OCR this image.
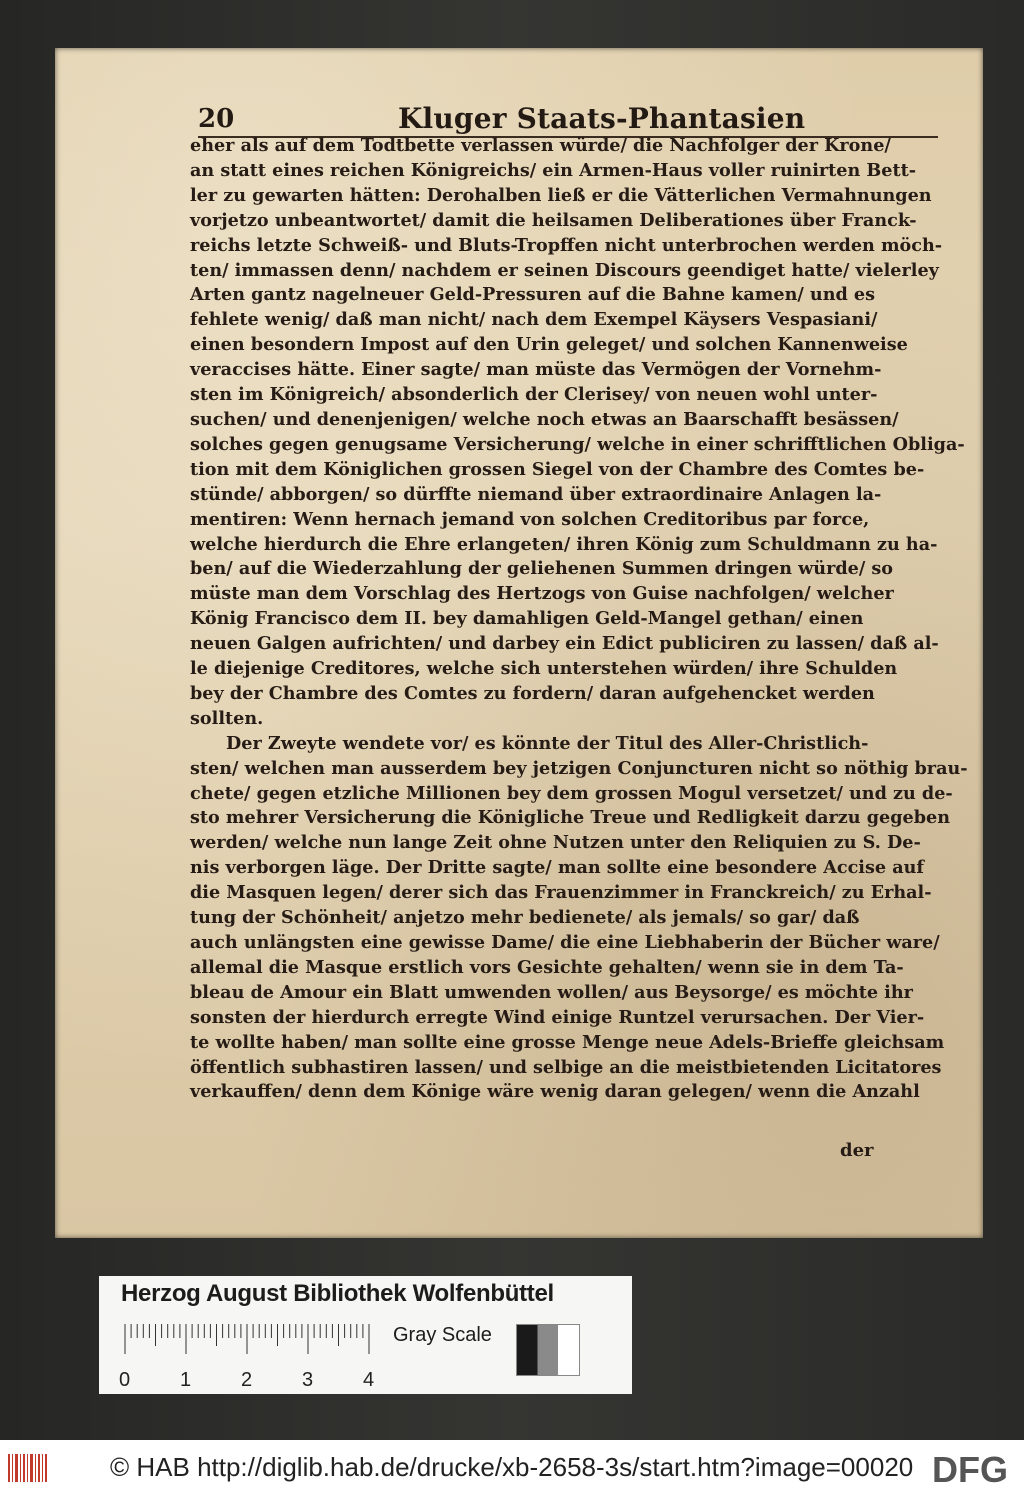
20	Kluger Staats-Phantasien
eher als auf dem Todtbette verlassen würde/ die Nachfolger der Krone/
an statt eines reichen Königreichs/ ein Armen-Haus voller ruinirten Bett-
ler zu gewarten hätten: Derohalben ließ er die Vätterlichen Vermahnungen
vorjetzo unbeantwortet/ damit die heilsamen Deliberationes über Franck-
reichs letzte Schweiß- und Bluts-Tropffen nicht unterbrochen werden möch-
ten/ immassen denn/ nachdem er seinen Discours geendiget hatte/ vielerley
Arten gantz nagelneuer Geld-Pressuren auf die Bahne kamen/ und es
fehlete wenig/ daß man nicht/ nach dem Exempel Käysers Vespasiani/
einen besondern Impost auf den Urin geleget/ und solchen Kannenweise
veraccises hätte. Einer sagte/ man müste das Vermögen der Vornehm-
sten im Königreich/ absonderlich der Clerisey/ von neuen wohl unter-
suchen/ und denenjenigen/ welche noch etwas an Baarschafft besässen/
solches gegen genugsame Versicherung/ welche in einer schrifftlichen Obliga-
tion mit dem Königlichen grossen Siegel von der Chambre des Comtes be-
stünde/ abborgen/ so dürffte niemand über extraordinaire Anlagen la-
mentiren: Wenn hernach jemand von solchen Creditoribus par force,
welche hierdurch die Ehre erlangeten/ ihren König zum Schuldmann zu ha-
ben/ auf die Wiederzahlung der geliehenen Summen dringen würde/ so
müste man dem Vorschlag des Hertzogs von Guise nachfolgen/ welcher
König Francisco dem II. bey damahligen Geld-Mangel gethan/ einen
neuen Galgen aufrichten/ und darbey ein Edict publiciren zu lassen/ daß al-
le diejenige Creditores, welche sich unterstehen würden/ ihre Schulden
bey der Chambre des Comtes zu fordern/ daran aufgehencket werden
sollten.
Der Zweyte wendete vor/ es könnte der Titul des Aller-Christlich-
sten/ welchen man ausserdem bey jetzigen Conjuncturen nicht so nöthig brau-
chete/ gegen etzliche Millionen bey dem grossen Mogul versetzet/ und zu de-
sto mehrer Versicherung die Königliche Treue und Redligkeit darzu gegeben
werden/ welche nun lange Zeit ohne Nutzen unter den Reliquien zu S. De-
nis verborgen läge. Der Dritte sagte/ man sollte eine besondere Accise auf
die Masquen legen/ derer sich das Frauenzimmer in Franckreich/ zu Erhal-
tung der Schönheit/ anjetzo mehr bedienete/ als jemals/ so gar/ daß
auch unlängsten eine gewisse Dame/ die eine Liebhaberin der Bücher ware/
allemal die Masque erstlich vors Gesichte gehalten/ wenn sie in dem Ta-
bleau de Amour ein Blatt umwenden wollen/ aus Beysorge/ es möchte ihr
sonsten der hierdurch erregte Wind einige Runtzel verursachen. Der Vier-
te wollte haben/ man sollte eine grosse Menge neue Adels-Brieffe gleichsam
öffentlich subhastiren lassen/ und selbige an die meistbietenden Licitatores
verkauffen/ denn dem Könige wäre wenig daran gelegen/ wenn die Anzahl
der
Herzog August Bibliothek Wolfenbüttel
0 1 2 3 4
Gray Scale
© HAB http://diglib.hab.de/drucke/xb-2658-3s/start.htm?image=00020 DFG
